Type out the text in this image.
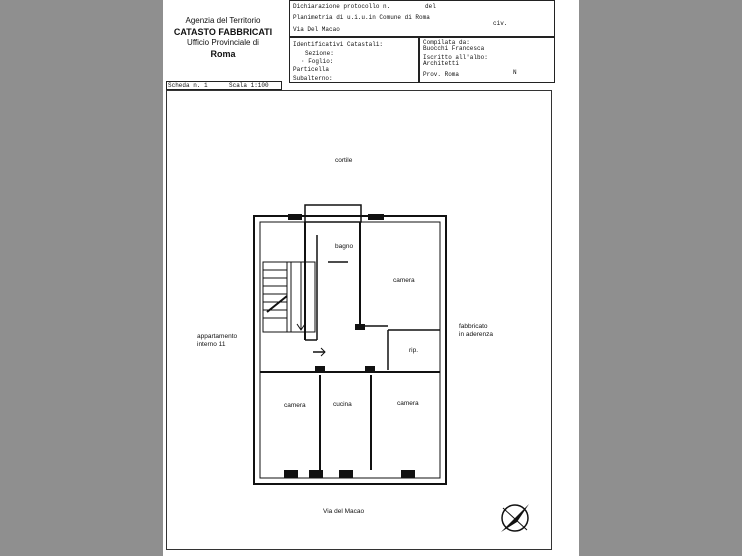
Agenzia del Territorio
CATASTO FABBRICATI
Ufficio Provinciale di
Roma
Dichiarazione protocollo n.	del
Planimetria di u.i.u.in Comune di Roma
civ.
Via Del Macao
Identificativi Catastali:
Sezione:
· Foglio:
Particella
Subalterno:
Compilata da:
Buocchi Francesca
Iscritto all'albo:
Architetti
Prov. Roma	N
Scheda n. 1	Scala 1:100
cortile
bagno
camera
rip.
camera	cucina	camera
appartamento
interno 11
fabbricato
in aderenza
Via del Macao
